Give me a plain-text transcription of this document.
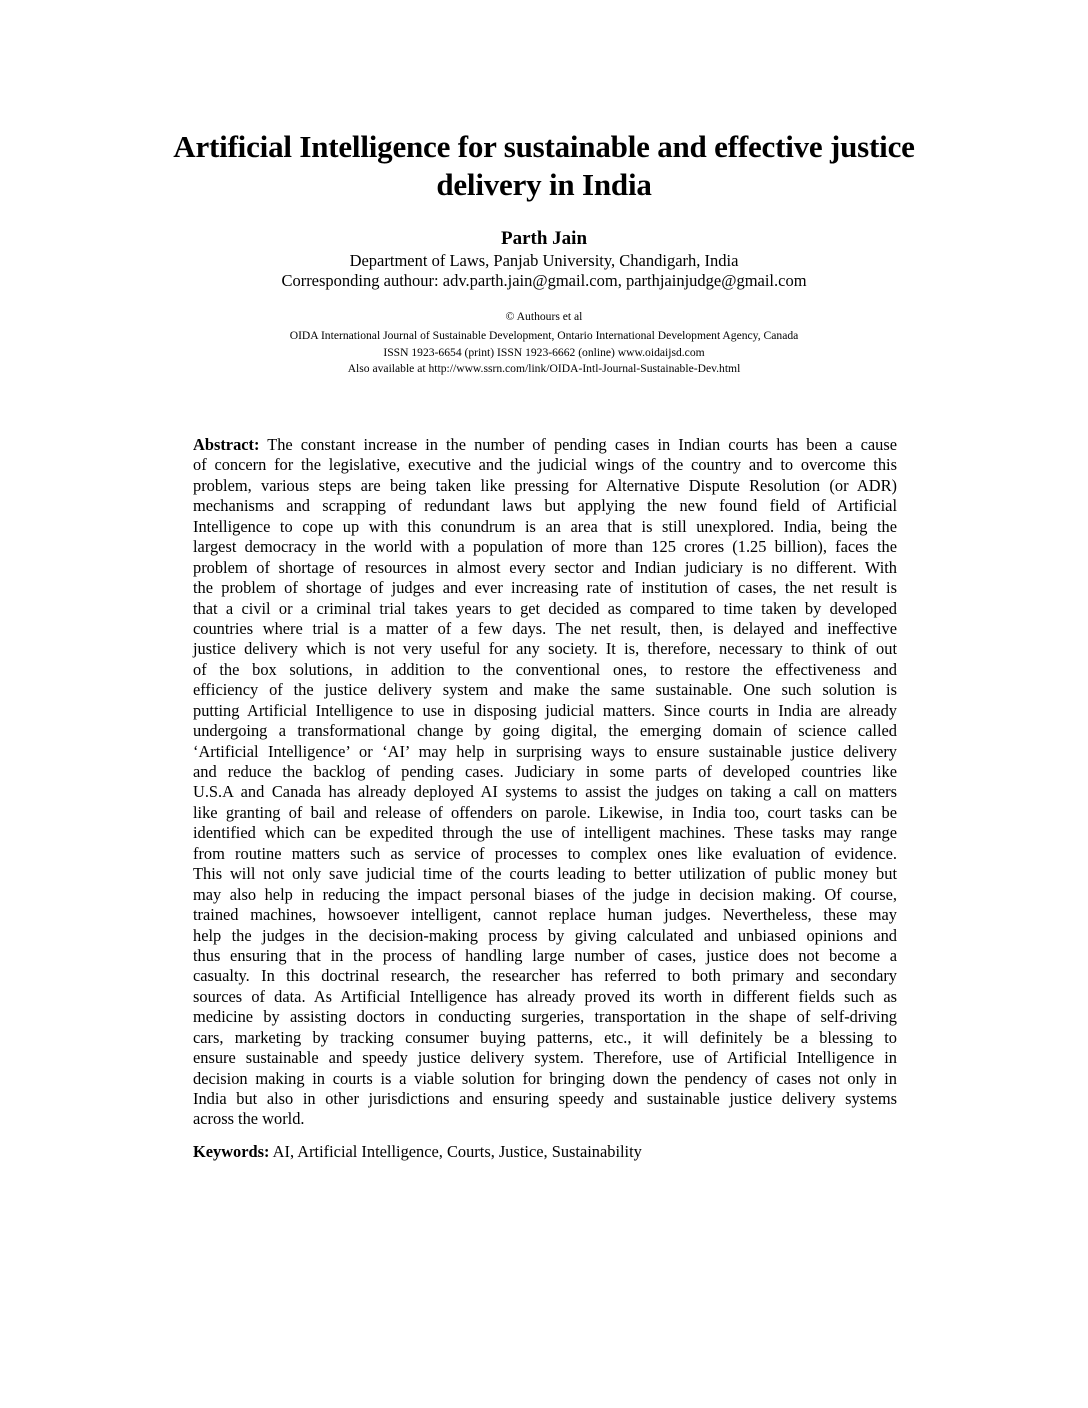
Artificial Intelligence for sustainable and effective justice
delivery in India
Parth Jain
Department of Laws, Panjab University, Chandigarh, India
Corresponding authour: adv.parth.jain@gmail.com, parthjainjudge@gmail.com
© Authours et al
OIDA International Journal of Sustainable Development, Ontario International Development Agency, Canada
ISSN 1923-6654 (print) ISSN 1923-6662 (online) www.oidaijsd.com
Also available at http://www.ssrn.com/link/OIDA-Intl-Journal-Sustainable-Dev.html
Abstract: The constant increase in the number of pending cases in Indian courts has been a cause
of concern for the legislative, executive and the judicial wings of the country and to overcome this
problem, various steps are being taken like pressing for Alternative Dispute Resolution (or ADR)
mechanisms and scrapping of redundant laws but applying the new found field of Artificial
Intelligence to cope up with this conundrum is an area that is still unexplored. India, being the
largest democracy in the world with a population of more than 125 crores (1.25 billion), faces the
problem of shortage of resources in almost every sector and Indian judiciary is no different. With
the problem of shortage of judges and ever increasing rate of institution of cases, the net result is
that a civil or a criminal trial takes years to get decided as compared to time taken by developed
countries where trial is a matter of a few days. The net result, then, is delayed and ineffective
justice delivery which is not very useful for any society. It is, therefore, necessary to think of out
of the box solutions, in addition to the conventional ones, to restore the effectiveness and
efficiency of the justice delivery system and make the same sustainable. One such solution is
putting Artificial Intelligence to use in disposing judicial matters. Since courts in India are already
undergoing a transformational change by going digital, the emerging domain of science called
‘Artificial Intelligence’ or ‘AI’ may help in surprising ways to ensure sustainable justice delivery
and reduce the backlog of pending cases. Judiciary in some parts of developed countries like
U.S.A and Canada has already deployed AI systems to assist the judges on taking a call on matters
like granting of bail and release of offenders on parole. Likewise, in India too, court tasks can be
identified which can be expedited through the use of intelligent machines. These tasks may range
from routine matters such as service of processes to complex ones like evaluation of evidence.
This will not only save judicial time of the courts leading to better utilization of public money but
may also help in reducing the impact personal biases of the judge in decision making. Of course,
trained machines, howsoever intelligent, cannot replace human judges. Nevertheless, these may
help the judges in the decision-making process by giving calculated and unbiased opinions and
thus ensuring that in the process of handling large number of cases, justice does not become a
casualty. In this doctrinal research, the researcher has referred to both primary and secondary
sources of data. As Artificial Intelligence has already proved its worth in different fields such as
medicine by assisting doctors in conducting surgeries, transportation in the shape of self-driving
cars, marketing by tracking consumer buying patterns, etc., it will definitely be a blessing to
ensure sustainable and speedy justice delivery system. Therefore, use of Artificial Intelligence in
decision making in courts is a viable solution for bringing down the pendency of cases not only in
India but also in other jurisdictions and ensuring speedy and sustainable justice delivery systems
across the world.
Keywords: AI, Artificial Intelligence, Courts, Justice, Sustainability
